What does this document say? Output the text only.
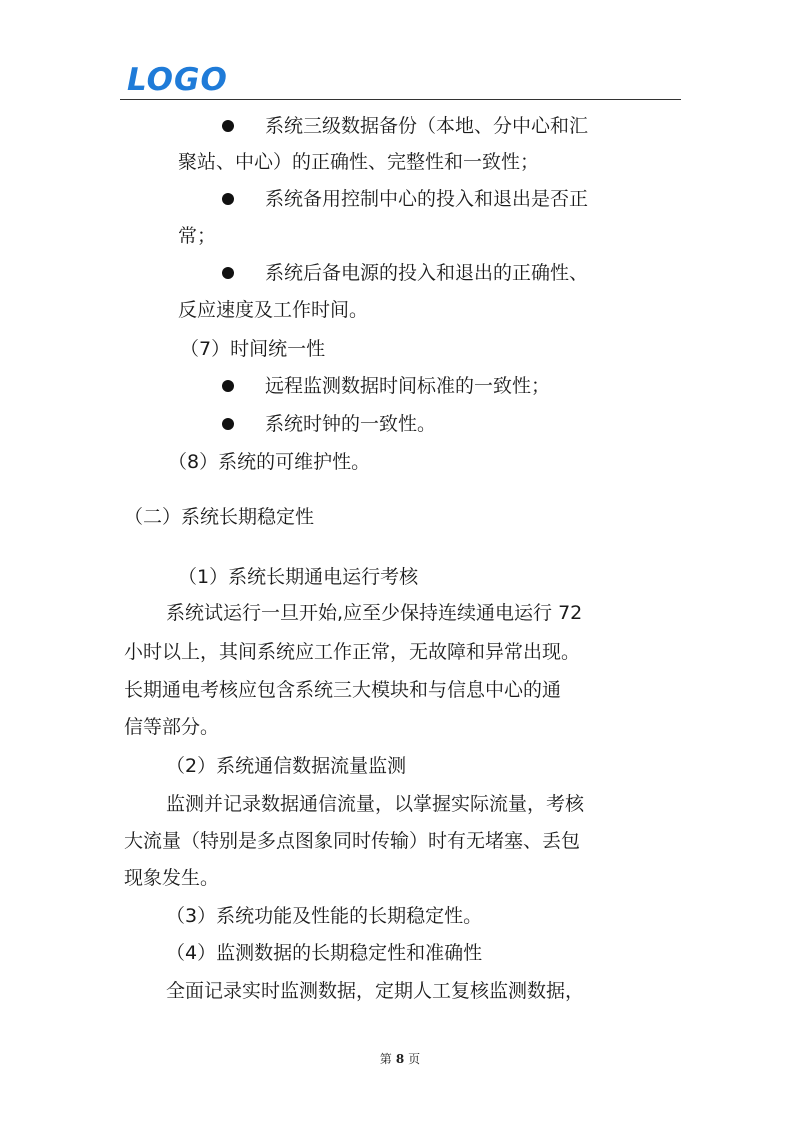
LOGO
系统三级数据备份（本地、分中心和汇
聚站、中心）的正确性、完整性和一致性；
系统备用控制中心的投入和退出是否正
常；
系统后备电源的投入和退出的正确性、
反应速度及工作时间。
（7）时间统一性
远程监测数据时间标准的一致性；
系统时钟的一致性。
（8）系统的可维护性。
（二）系统长期稳定性
（1）系统长期通电运行考核
系统试运行一旦开始,应至少保持连续通电运行 72
小时以上，其间系统应工作正常，无故障和异常出现。
长期通电考核应包含系统三大模块和与信息中心的通
信等部分。
（2）系统通信数据流量监测
监测并记录数据通信流量，以掌握实际流量，考核
大流量（特别是多点图象同时传输）时有无堵塞、丢包
现象发生。
（3）系统功能及性能的长期稳定性。
（4）监测数据的长期稳定性和准确性
全面记录实时监测数据，定期人工复核监测数据，
第 8 页
